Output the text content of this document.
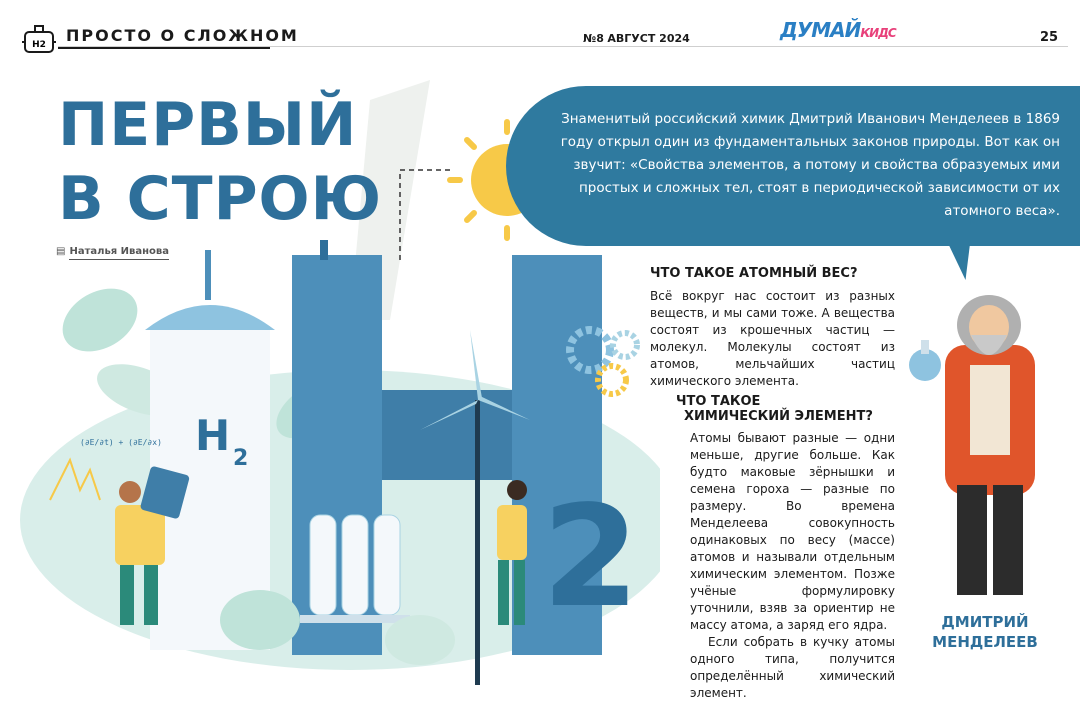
H2 ПРОСТО О СЛОЖНОМ	№8 АВГУСТ 2024	ДУМАЙКИДС	25
H 2
2
(∂E/∂t) + (∂E/∂x)
ПЕРВЫЙ
В СТРОЮ
▤ Наталья Иванова
Знаменитый российский химик Дмитрий Иванович Менделеев в 1869 году открыл один из фундаментальных законов природы. Вот как он звучит: «Свойства элементов, а потому и свойства образуемых ими простых и сложных тел, стоят в периодической зависимости от их атомного веса».
ЧТО ТАКОЕ АТОМНЫЙ ВЕС?
Всё вокруг нас состоит из разных веществ, и мы сами тоже. А вещества состоят из крошечных частиц — молекул. Молекулы состоят из атомов, мельчайших частиц химического элемента.
ЧТО ТАКОЕ
ХИМИЧЕСКИЙ ЭЛЕМЕНТ?
Атомы бывают разные — одни меньше, другие больше. Как будто маковые зёрнышки и семена гороха — разные по размеру. Во времена Менделеева совокупность одинаковых по весу (массе) атомов и называли отдельным химическим элементом. Позже учёные формулировку уточнили, взяв за ориентир не массу атома, а заряд его ядра.
Если собрать в кучку атомы одного типа, получится определённый химический элемент.
ДМИТРИЙ
МЕНДЕЛЕЕВ
